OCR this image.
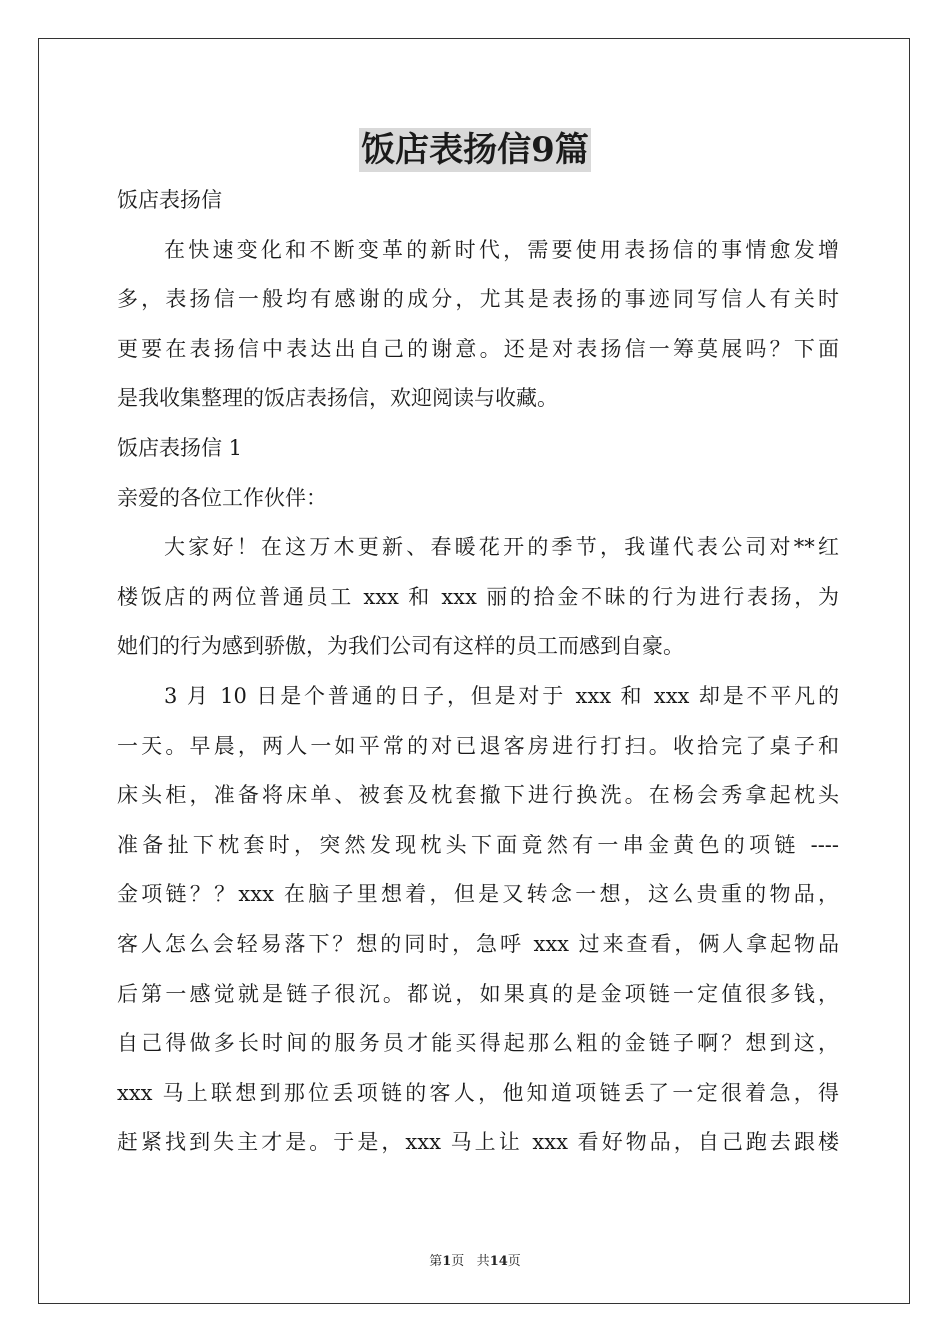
饭店表扬信9篇
饭店表扬信
在快速变化和不断变革的新时代，需要使用表扬信的事情愈发增
多，表扬信一般均有感谢的成分，尤其是表扬的事迹同写信人有关时
更要在表扬信中表达出自己的谢意。还是对表扬信一筹莫展吗？下面
是我收集整理的饭店表扬信，欢迎阅读与收藏。
饭店表扬信 1
亲爱的各位工作伙伴：
大家好！在这万木更新、春暖花开的季节，我谨代表公司对**红
楼饭店的两位普通员工 xxx 和 xxx 丽的拾金不昧的行为进行表扬，为
她们的行为感到骄傲，为我们公司有这样的员工而感到自豪。
3 月 10 日是个普通的日子，但是对于 xxx 和 xxx 却是不平凡的
一天。早晨，两人一如平常的对已退客房进行打扫。收拾完了桌子和
床头柜，准备将床单、被套及枕套撤下进行换洗。在杨会秀拿起枕头
准备扯下枕套时，突然发现枕头下面竟然有一串金黄色的项链 ----
金项链？？xxx 在脑子里想着，但是又转念一想，这么贵重的物品，
客人怎么会轻易落下？想的同时，急呼 xxx 过来查看，俩人拿起物品
后第一感觉就是链子很沉。都说，如果真的是金项链一定值很多钱，
自己得做多长时间的服务员才能买得起那么粗的金链子啊？想到这，
xxx 马上联想到那位丢项链的客人，他知道项链丢了一定很着急，得
赶紧找到失主才是。于是，xxx 马上让 xxx 看好物品，自己跑去跟楼
第1页 共14页
